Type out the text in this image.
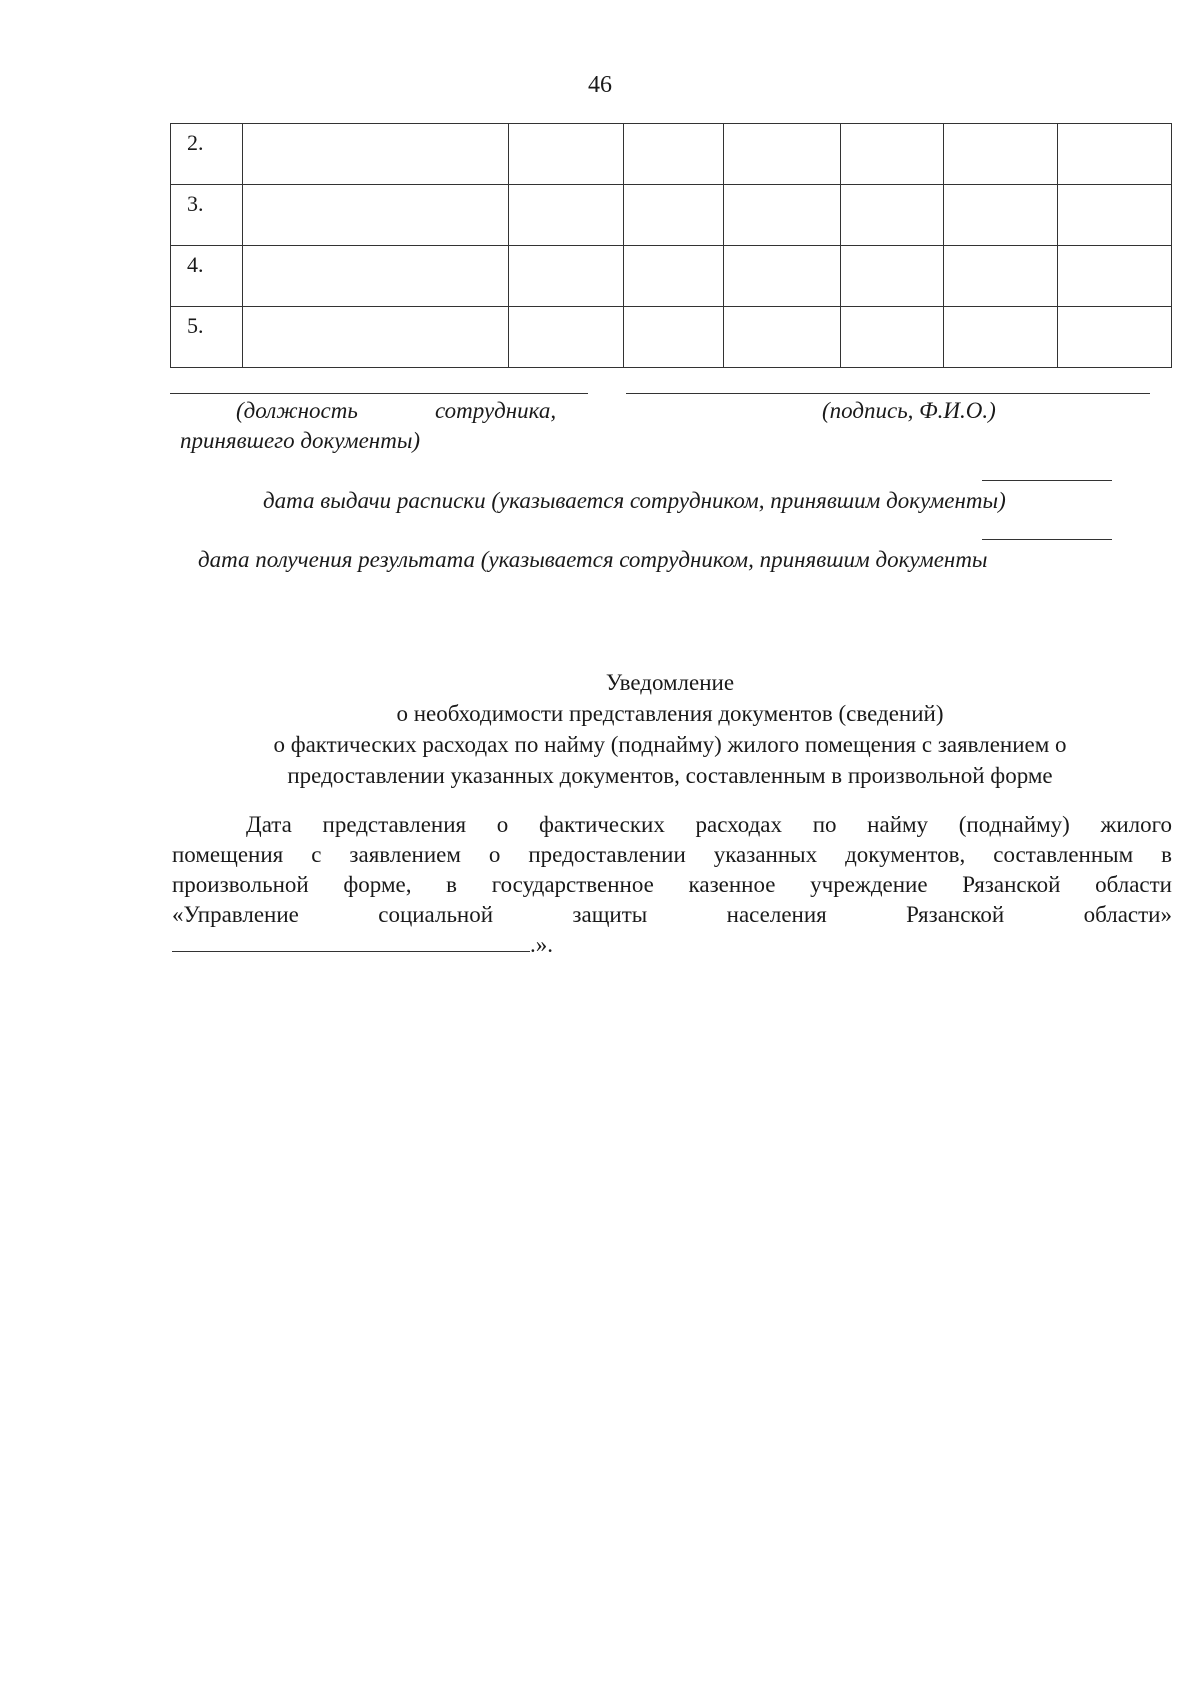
46
2.							
3.							
4.							
5.							
(должность	сотрудника,
принявшего документы)
(подпись, Ф.И.О.)
дата выдачи расписки (указывается сотрудником, принявшим документы)
дата получения результата (указывается сотрудником, принявшим документы
Уведомление
о необходимости представления документов (сведений)
о фактических расходах по найму (поднайму) жилого помещения с заявлением о
предоставлении указанных документов, составленным в произвольной форме
Дата представления о фактических расходах по найму (поднайму) жилого
помещения с заявлением о предоставлении указанных документов, составленным в
произвольной форме, в государственное казенное учреждение Рязанской области
«Управление социальной защиты населения Рязанской области»
.».
